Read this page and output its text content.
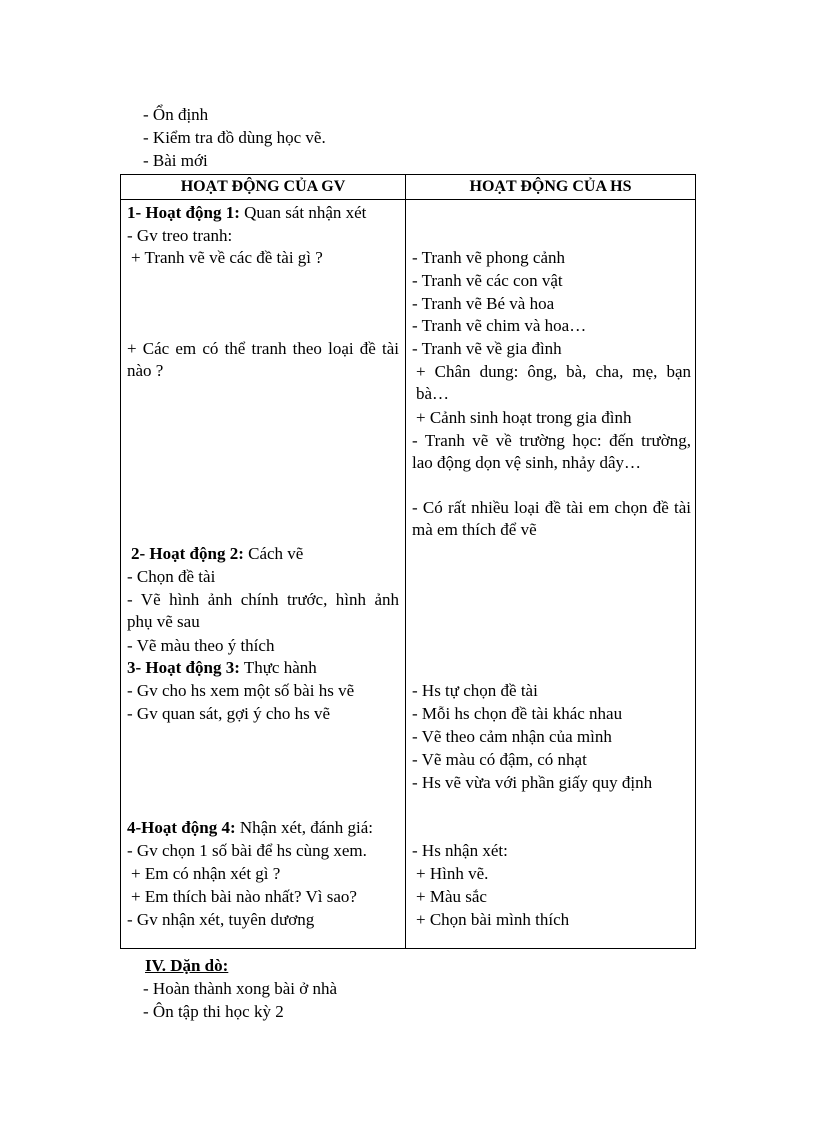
- Ổn định
- Kiểm tra đồ dùng học vẽ.
- Bài mới
HOẠT ĐỘNG CỦA GV	HOẠT ĐỘNG CỦA HS
1- Hoạt động 1: Quan sát nhận xét
- Gv treo tranh:
+ Tranh vẽ về các đề tài gì ?
+ Các em có thể tranh theo loại đề tài nào ?
2- Hoạt động 2: Cách vẽ
- Chọn đề tài
- Vẽ hình ảnh chính trước, hình ảnh phụ vẽ sau
- Vẽ màu theo ý thích
3- Hoạt động 3: Thực hành
- Gv cho hs xem một số bài hs vẽ
- Gv quan sát, gợi ý cho hs vẽ
4-Hoạt động 4: Nhận xét, đánh giá:
- Gv chọn 1 số bài để hs cùng xem.
+ Em có nhận xét gì ?
+ Em thích bài nào nhất? Vì sao?
- Gv nhận xét, tuyên dương
- Tranh vẽ phong cảnh
- Tranh vẽ các con vật
- Tranh vẽ Bé và hoa
- Tranh vẽ chim và hoa…
- Tranh vẽ về gia đình
+ Chân dung: ông, bà, cha, mẹ, bạn bà…
+ Cảnh sinh hoạt trong gia đình
- Tranh vẽ về trường học: đến trường, lao động dọn vệ sinh, nhảy dây…
- Có rất nhiều loại đề tài em chọn đề tài mà em thích để vẽ
- Hs tự chọn đề tài
- Mỗi hs chọn đề tài khác nhau
- Vẽ theo cảm nhận của mình
- Vẽ màu có đậm, có nhạt
- Hs vẽ vừa với phần giấy quy định
- Hs nhận xét:
+ Hình vẽ.
+ Màu sắc
+ Chọn bài mình thích
IV. Dặn dò:
- Hoàn thành xong bài ở nhà
- Ôn tập thi học kỳ 2
